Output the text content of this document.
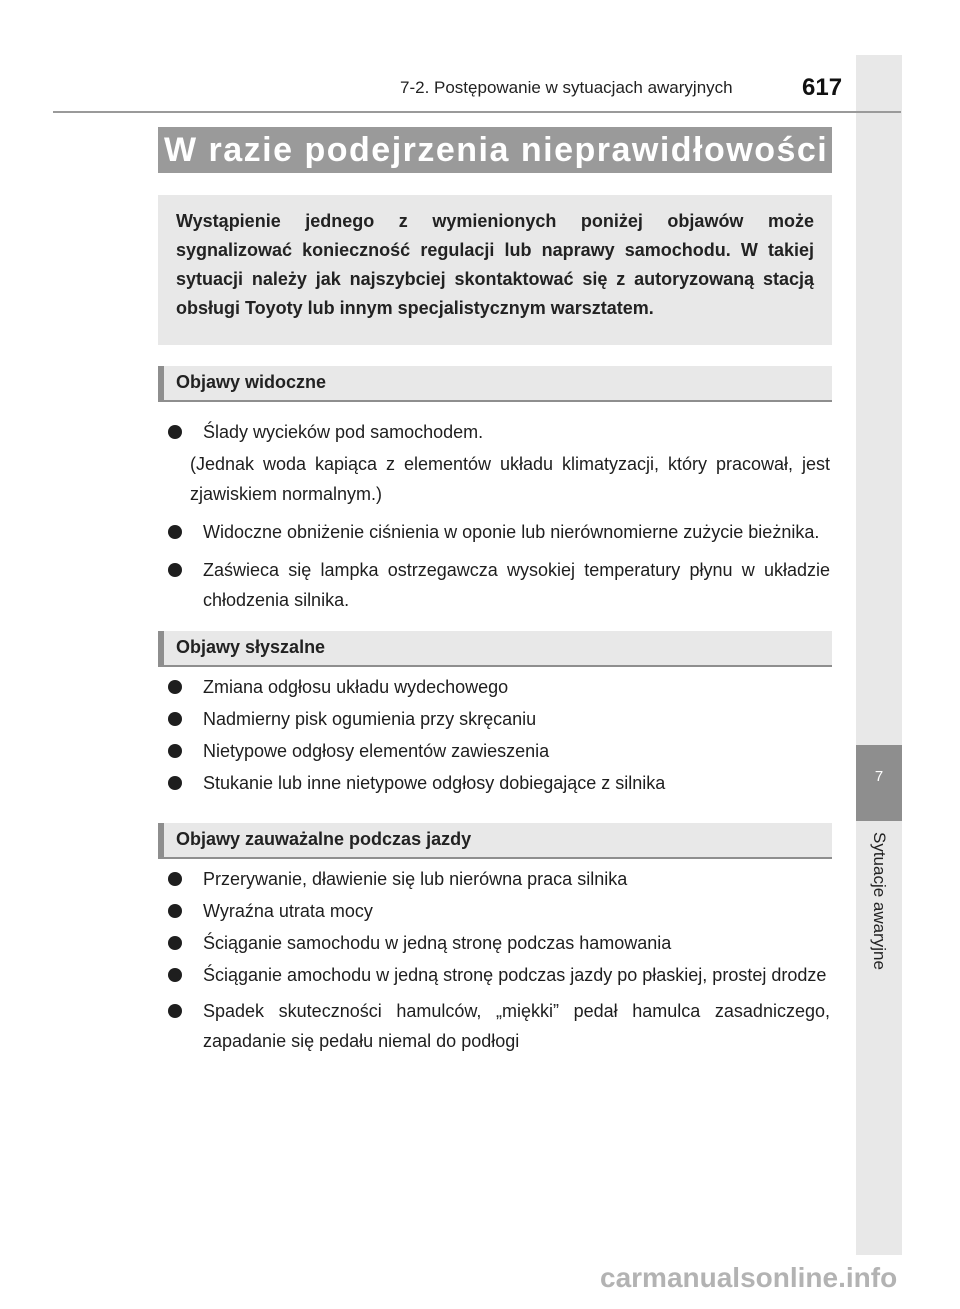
7
Sytuacje awaryjne
7-2. Postępowanie w sytuacjach awaryjnych	617
W razie podejrzenia nieprawidłowości
Wystąpienie jednego z wymienionych poniżej objawów może sygnalizować konieczność regulacji lub naprawy samochodu. W takiej sytuacji należy jak najszybciej skontaktować się z autoryzowaną stacją obsługi Toyoty lub innym specjalistycznym warsztatem.
Objawy widoczne
Ślady wycieków pod samochodem.
(Jednak woda kapiąca z elementów układu klimatyzacji, który pracował, jest zjawiskiem normalnym.)
Widoczne obniżenie ciśnienia w oponie lub nierównomierne zużycie bieżnika.
Zaświeca się lampka ostrzegawcza wysokiej temperatury płynu w układzie chłodzenia silnika.
Objawy słyszalne
Zmiana odgłosu układu wydechowego
Nadmierny pisk ogumienia przy skręcaniu
Nietypowe odgłosy elementów zawieszenia
Stukanie lub inne nietypowe odgłosy dobiegające z silnika
Objawy zauważalne podczas jazdy
Przerywanie, dławienie się lub nierówna praca silnika
Wyraźna utrata mocy
Ściąganie samochodu w jedną stronę podczas hamowania
Ściąganie amochodu w jedną stronę podczas jazdy po płaskiej, prostej drodze
Spadek skuteczności hamulców, „miękki” pedał hamulca zasadniczego, zapadanie się pedału niemal do podłogi
carmanualsonline.info
